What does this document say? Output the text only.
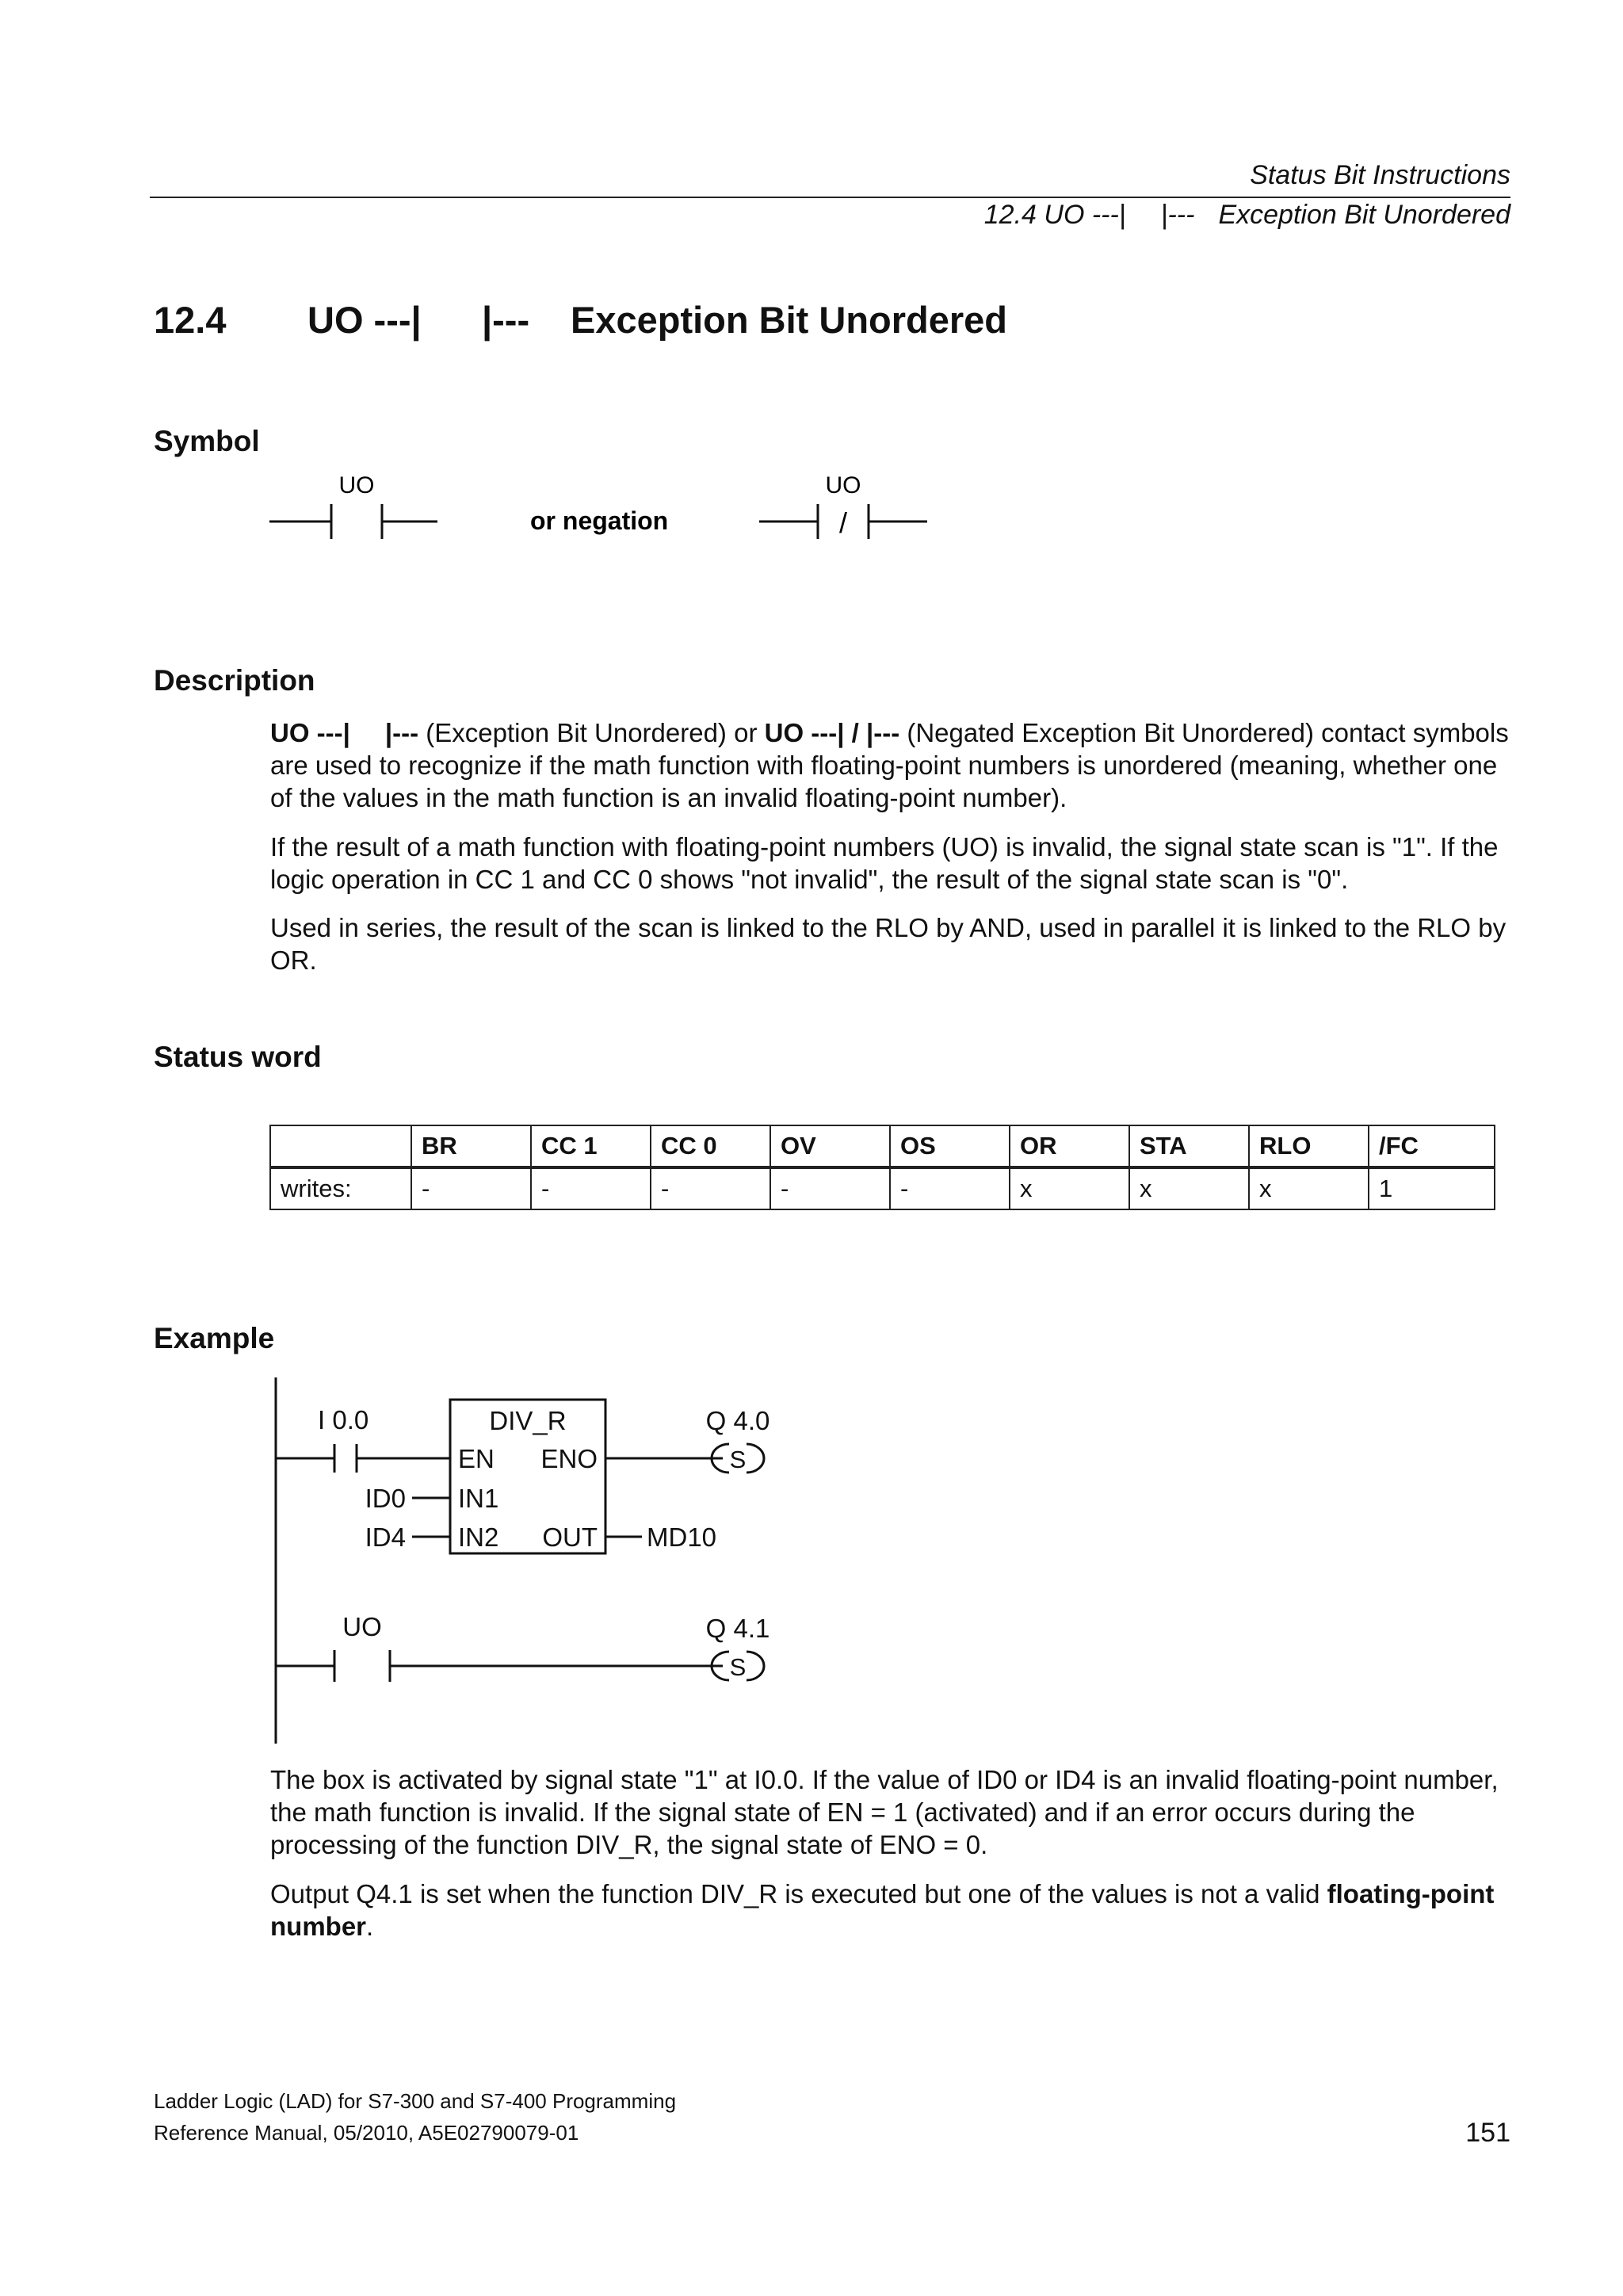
Status Bit Instructions
12.4 UO ---| |--- Exception Bit Unordered
12.4 UO ---| |--- Exception Bit Unordered
Symbol
UO
or negation
UO
/
Description
UO ---| |--- (Exception Bit Unordered) or UO ---| / |--- (Negated Exception Bit Unordered) contact symbols are used to recognize if the math function with floating-point numbers is unordered (meaning, whether one of the values in the math function is an invalid floating-point number).
If the result of a math function with floating-point numbers (UO) is invalid, the signal state scan is "1". If the logic operation in CC 1 and CC 0 shows "not invalid", the result of the signal state scan is "0".
Used in series, the result of the scan is linked to the RLO by AND, used in parallel it is linked to the RLO by OR.
Status word
	BR	CC 1	CC 0	OV	OS	OR	STA	RLO	/FC
writes:	-	-	-	-	-	x	x	x	1
Example
I 0.0	DIV_R
EN ENO
IN1
IN2 OUT
ID0
ID4	MD10
Q 4.0
S
UO	Q 4.1
S
The box is activated by signal state "1" at I0.0. If the value of ID0 or ID4 is an invalid floating-point number, the math function is invalid. If the signal state of EN = 1 (activated) and if an error occurs during the processing of the function DIV_R, the signal state of ENO = 0.
Output Q4.1 is set when the function DIV_R is executed but one of the values is not a valid floating-point number.
Ladder Logic (LAD) for S7-300 and S7-400 Programming
Reference Manual, 05/2010, A5E02790079-01	151
